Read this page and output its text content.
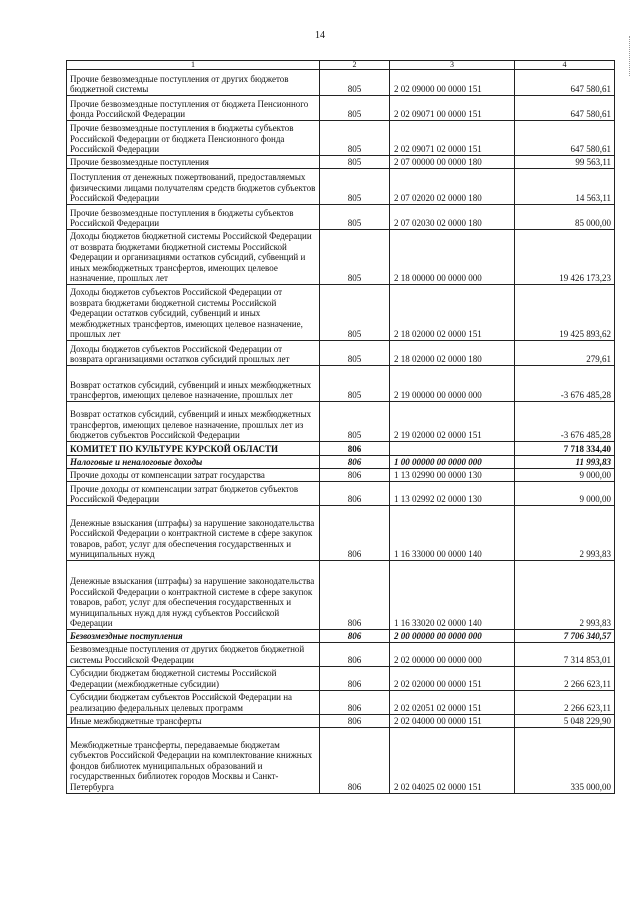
14
1	2	3	4
Прочие безвозмездные поступления от других бюджетов бюджетной системы	805	2 02 09000 00 0000 151	647 580,61
Прочие безвозмездные поступления от бюджета Пенсионного фонда Российской Федерации	805	2 02 09071 00 0000 151	647 580,61
Прочие безвозмездные поступления в бюджеты субъектов Российской Федерации от бюджета Пенсионного фонда Российской Федерации	805	2 02 09071 02 0000 151	647 580,61
Прочие безвозмездные поступления	805	2 07 00000 00 0000 180	99 563,11
Поступления от денежных пожертвований, предоставляемых физическими лицами получателям средств бюджетов субъектов Российской Федерации	805	2 07 02020 02 0000 180	14 563,11
Прочие безвозмездные поступления в бюджеты субъектов Российской Федерации	805	2 07 02030 02 0000 180	85 000,00
Доходы бюджетов бюджетной системы Российской Федерации от возврата бюджетами бюджетной системы Российской Федерации и организациями остатков субсидий, субвенций и иных межбюджетных трансфертов, имеющих целевое назначение, прошлых лет	805	2 18 00000 00 0000 000	19 426 173,23
Доходы бюджетов субъектов Российской Федерации от возврата бюджетами бюджетной системы Российской Федерации остатков субсидий, субвенций и иных межбюджетных трансфертов, имеющих целевое назначение, прошлых лет	805	2 18 02000 02 0000 151	19 425 893,62
Доходы бюджетов субъектов Российской Федерации от возврата организациями остатков субсидий прошлых лет	805	2 18 02000 02 0000 180	279,61
Возврат остатков субсидий, субвенций и иных межбюджетных трансфертов, имеющих целевое назначение, прошлых лет	805	2 19 00000 00 0000 000	-3 676 485,28
Возврат остатков субсидий, субвенций и иных межбюджетных трансфертов, имеющих целевое назначение, прошлых лет из бюджетов субъектов Российской Федерации	805	2 19 02000 02 0000 151	-3 676 485,28
КОМИТЕТ ПО КУЛЬТУРЕ КУРСКОЙ ОБЛАСТИ	806		7 718 334,40
Налоговые и неналоговые доходы	806	1 00 00000 00 0000 000	11 993,83
Прочие доходы от компенсации затрат государства	806	1 13 02990 00 0000 130	9 000,00
Прочие доходы от компенсации затрат бюджетов субъектов Российской Федерации	806	1 13 02992 02 0000 130	9 000,00
Денежные взыскания (штрафы) за нарушение законодательства Российской Федерации о контрактной системе в сфере закупок товаров, работ, услуг для обеспечения государственных и муниципальных нужд	806	1 16 33000 00 0000 140	2 993,83
Денежные взыскания (штрафы) за нарушение законодательства Российской Федерации о контрактной системе в сфере закупок товаров, работ, услуг для обеспечения государственных и муниципальных нужд для нужд субъектов Российской Федерации	806	1 16 33020 02 0000 140	2 993,83
Безвозмездные поступления	806	2 00 00000 00 0000 000	7 706 340,57
Безвозмездные поступления от других бюджетов бюджетной системы Российской Федерации	806	2 02 00000 00 0000 000	7 314 853,01
Субсидии бюджетам бюджетной системы Российской Федерации (межбюджетные субсидии)	806	2 02 02000 00 0000 151	2 266 623,11
Субсидии бюджетам субъектов Российской Федерации на реализацию федеральных целевых программ	806	2 02 02051 02 0000 151	2 266 623,11
Иные межбюджетные трансферты	806	2 02 04000 00 0000 151	5 048 229,90
Межбюджетные трансферты, передаваемые бюджетам субъектов Российской Федерации на комплектование книжных фондов библиотек муниципальных образований и государственных библиотек городов Москвы и Санкт-Петербурга	806	2 02 04025 02 0000 151	335 000,00
